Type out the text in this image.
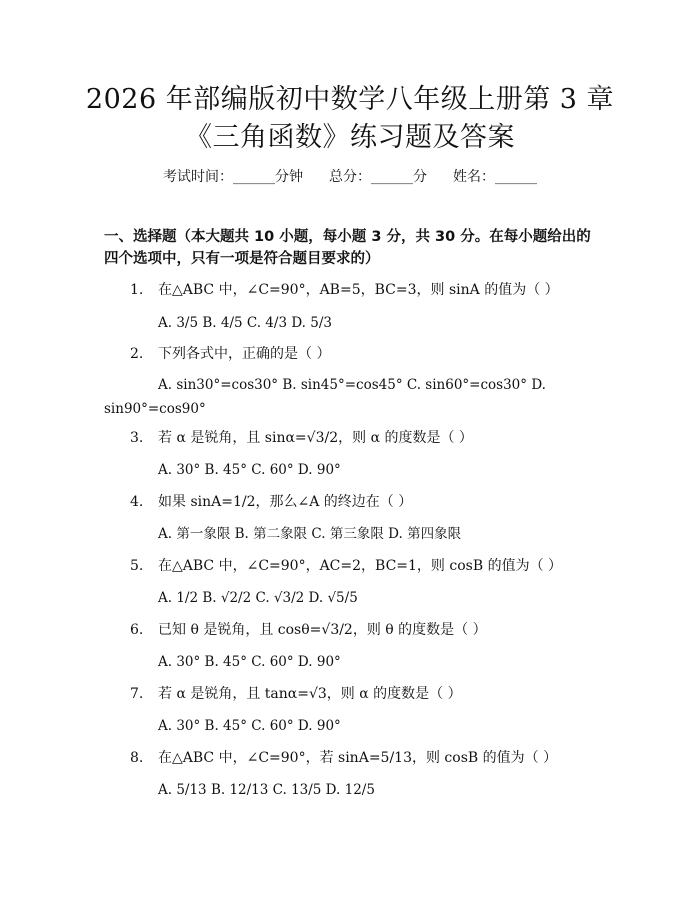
2026 年部编版初中数学八年级上册第 3 章
《三角函数》练习题及答案
考试时间：______分钟 总分：______分 姓名：______
一、选择题（本大题共 10 小题，每小题 3 分，共 30 分。在每小题给出的四个选项中，只有一项是符合题目要求的）
1. 在△ABC 中，∠C=90°，AB=5，BC=3，则 sinA 的值为（ ）
A. 3/5 B. 4/5 C. 4/3 D. 5/3
2. 下列各式中，正确的是（ ）
A. sin30°=cos30° B. sin45°=cos45° C. sin60°=cos30° D. sin90°=cos90°
3. 若 α 是锐角，且 sinα=√3/2，则 α 的度数是（ ）
A. 30° B. 45° C. 60° D. 90°
4. 如果 sinA=1/2，那么∠A 的终边在（ ）
A. 第一象限 B. 第二象限 C. 第三象限 D. 第四象限
5. 在△ABC 中，∠C=90°，AC=2，BC=1，则 cosB 的值为（ ）
A. 1/2 B. √2/2 C. √3/2 D. √5/5
6. 已知 θ 是锐角，且 cosθ=√3/2，则 θ 的度数是（ ）
A. 30° B. 45° C. 60° D. 90°
7. 若 α 是锐角，且 tanα=√3，则 α 的度数是（ ）
A. 30° B. 45° C. 60° D. 90°
8. 在△ABC 中，∠C=90°，若 sinA=5/13，则 cosB 的值为（ ）
A. 5/13 B. 12/13 C. 13/5 D. 12/5
